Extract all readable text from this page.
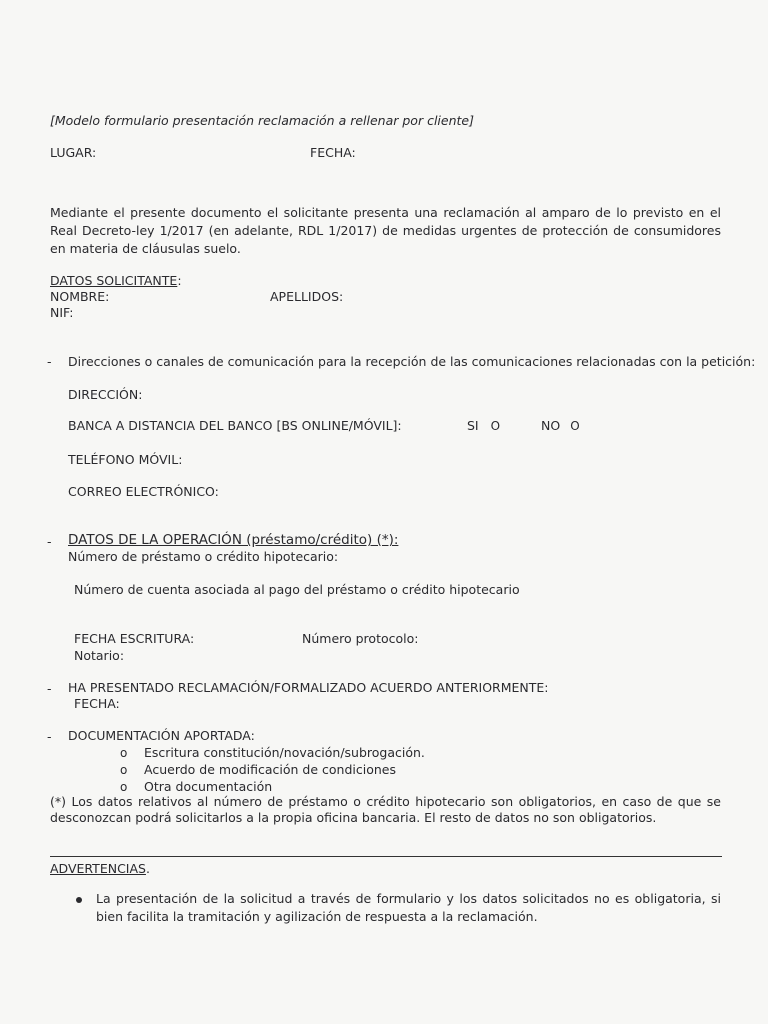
[Modelo formulario presentación reclamación a rellenar por cliente]
LUGAR:	FECHA:
Mediante el presente documento el solicitante presenta una reclamación al amparo de lo previsto en el Real Decreto-ley 1/2017 (en adelante, RDL 1/2017) de medidas urgentes de protección de consumidores en materia de cláusulas suelo.
DATOS SOLICITANTE:
NOMBRE:	APELLIDOS:
NIF:
- Direcciones o canales de comunicación para la recepción de las comunicaciones relacionadas con la petición:
DIRECCIÓN:
BANCA A DISTANCIA DEL BANCO [BS ONLINE/MÓVIL]:	SI O	NO O
TELÉFONO MÓVIL:
CORREO ELECTRÓNICO:
- DATOS DE LA OPERACIÓN (préstamo/crédito) (*):
Número de préstamo o crédito hipotecario:
Número de cuenta asociada al pago del préstamo o crédito hipotecario
FECHA ESCRITURA:	Número protocolo:
Notario:
- HA PRESENTADO RECLAMACIÓN/FORMALIZADO ACUERDO ANTERIORMENTE:
FECHA:
- DOCUMENTACIÓN APORTADA:
o Escritura constitución/novación/subrogación.
o Acuerdo de modificación de condiciones
o Otra documentación
(*) Los datos relativos al número de préstamo o crédito hipotecario son obligatorios, en caso de que se desconozcan podrá solicitarlos a la propia oficina bancaria. El resto de datos no son obligatorios.
ADVERTENCIAS.
La presentación de la solicitud a través de formulario y los datos solicitados no es obligatoria, si bien facilita la tramitación y agilización de respuesta a la reclamación.
